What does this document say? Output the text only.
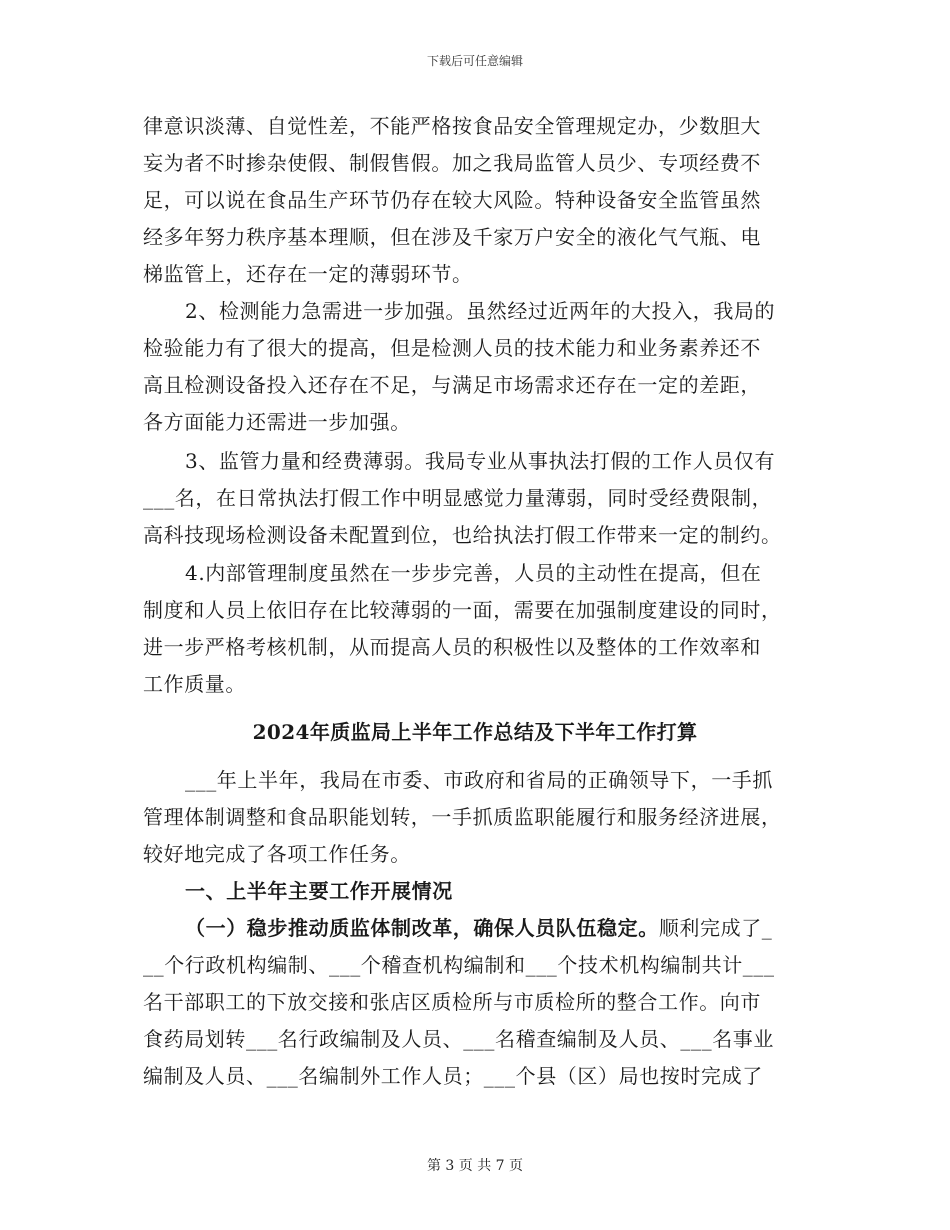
下载后可任意编辑
律意识淡薄、自觉性差，不能严格按食品安全管理规定办，少数胆大
妄为者不时掺杂使假、制假售假。加之我局监管人员少、专项经费不
足，可以说在食品生产环节仍存在较大风险。特种设备安全监管虽然
经多年努力秩序基本理顺，但在涉及千家万户安全的液化气气瓶、电
梯监管上，还存在一定的薄弱环节。
2、检测能力急需进一步加强。虽然经过近两年的大投入，我局的
检验能力有了很大的提高，但是检测人员的技术能力和业务素养还不
高且检测设备投入还存在不足，与满足市场需求还存在一定的差距，
各方面能力还需进一步加强。
3、监管力量和经费薄弱。我局专业从事执法打假的工作人员仅有
___名，在日常执法打假工作中明显感觉力量薄弱，同时受经费限制，
高科技现场检测设备未配置到位，也给执法打假工作带来一定的制约。
4.内部管理制度虽然在一步步完善，人员的主动性在提高，但在
制度和人员上依旧存在比较薄弱的一面，需要在加强制度建设的同时，
进一步严格考核机制，从而提高人员的积极性以及整体的工作效率和
工作质量。
2024年质监局上半年工作总结及下半年工作打算
___年上半年，我局在市委、市政府和省局的正确领导下，一手抓
管理体制调整和食品职能划转，一手抓质监职能履行和服务经济进展，
较好地完成了各项工作任务。
一、上半年主要工作开展情况
（一）稳步推动质监体制改革，确保人员队伍稳定。顺利完成了_
__个行政机构编制、___个稽查机构编制和___个技术机构编制共计___
名干部职工的下放交接和张店区质检所与市质检所的整合工作。向市
食药局划转___名行政编制及人员、___名稽查编制及人员、___名事业
编制及人员、___名编制外工作人员；___个县（区）局也按时完成了
第 3 页 共 7 页
